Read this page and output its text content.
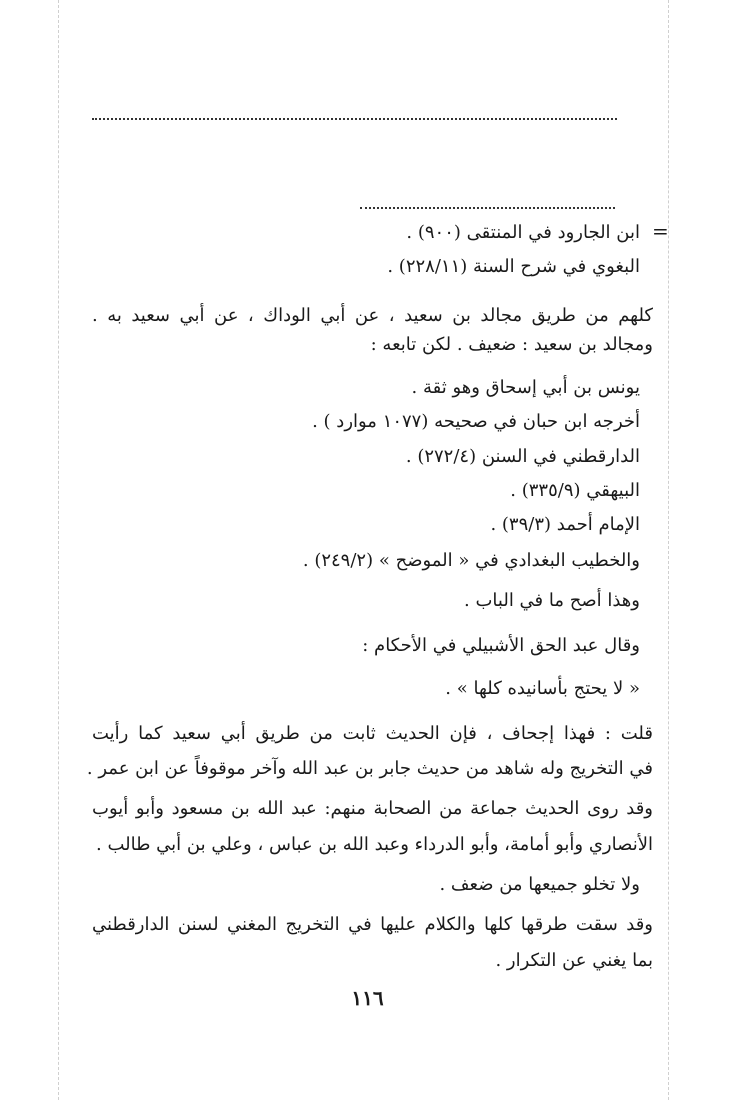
=
ابن الجارود في المنتقى (٩٠٠) .
البغوي في شرح السنة (٢٢٨/١١) .
كلهم من طريق مجالد بن سعيد ، عن أبي الوداك ، عن أبي سعيد به .
ومجالد بن سعيد : ضعيف . لكن تابعه :
يونس بن أبي إسحاق وهو ثقة .
أخرجه ابن حبان في صحيحه (١٠٧٧ موارد ) .
الدارقطني في السنن (٢٧٢/٤) .
البيهقي (٣٣٥/٩) .
الإمام أحمد (٣٩/٣) .
والخطيب البغدادي في « الموضح » (٢٤٩/٢) .
وهذا أصح ما في الباب .
وقال عبد الحق الأشبيلي في الأحكام :
« لا يحتج بأسانيده كلها » .
قلت : فهذا إجحاف ، فإن الحديث ثابت من طريق أبي سعيد كما رأيت
في التخريج وله شاهد من حديث جابر بن عبد الله وآخر موقوفاً عن ابن عمر .
وقد روى الحديث جماعة من الصحابة منهم: عبد الله بن مسعود وأبو أيوب
الأنصاري وأبو أمامة، وأبو الدرداء وعبد الله بن عباس ، وعلي بن أبي طالب .
ولا تخلو جميعها من ضعف .
وقد سقت طرقها كلها والكلام عليها في التخريج المغني لسنن الدارقطني
بما يغني عن التكرار .
١١٦
